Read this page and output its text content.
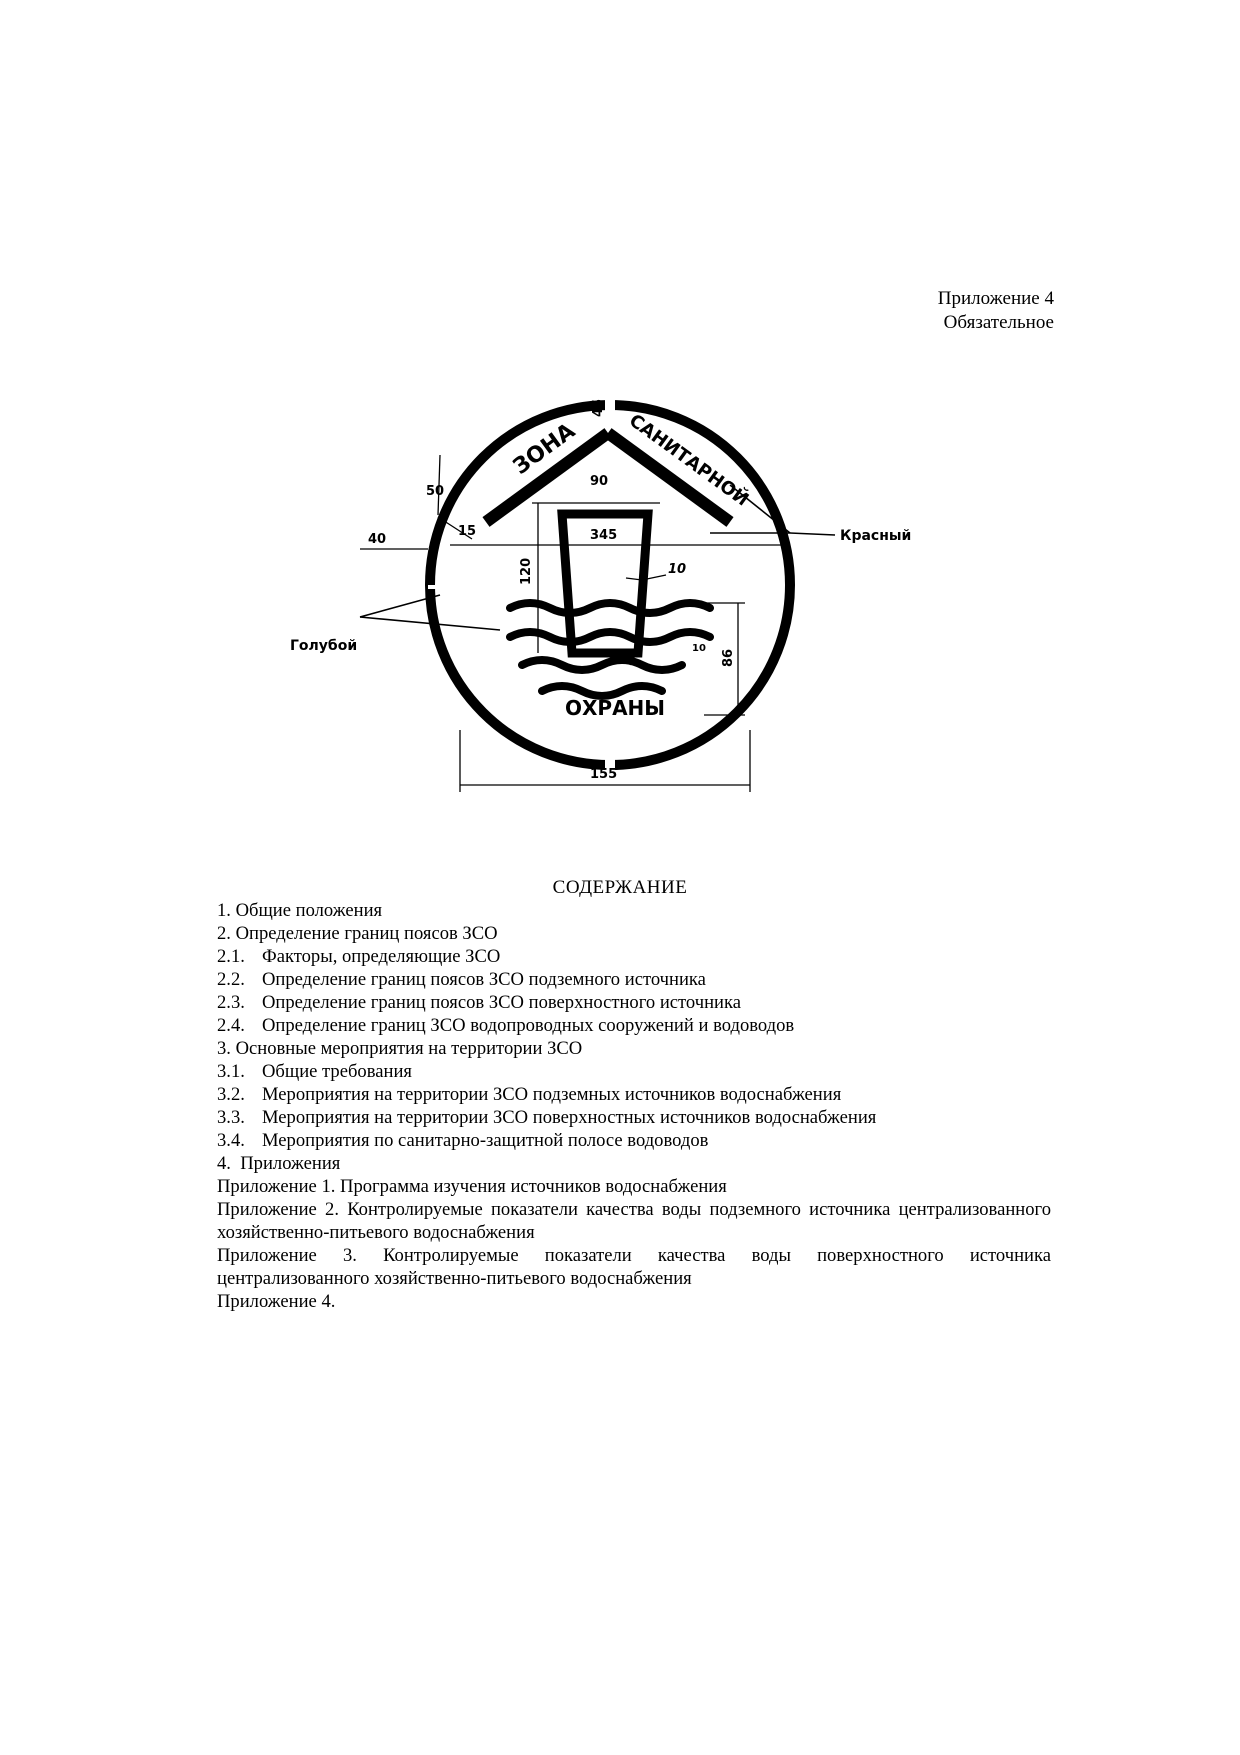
Приложение 4
Обязательное
ЗОНА	САНИТАРНОЙ
ОХРАНЫ
45
90
50
15
40	345
10
120
10
86
155
Красный
Голубой
СОДЕРЖАНИЕ
1. Общие положения
2. Определение границ поясов ЗСО
2.1. Факторы, определяющие ЗСО
2.2. Определение границ поясов ЗСО подземного источника
2.3. Определение границ поясов ЗСО поверхностного источника
2.4. Определение границ ЗСО водопроводных сооружений и водоводов
3. Основные мероприятия на территории ЗСО
3.1. Общие требования
3.2. Мероприятия на территории ЗСО подземных источников водоснабжения
3.3. Мероприятия на территории ЗСО поверхностных источников водоснабжения
3.4. Мероприятия по санитарно-защитной полосе водоводов
4.  Приложения
Приложение 1. Программа изучения источников водоснабжения
Приложение 2. Контролируемые показатели качества воды подземного источника централизованного хозяйственно-питьевого водоснабжения
Приложение 3. Контролируемые показатели качества воды поверхностного источника централизованного хозяйственно-питьевого водоснабжения
Приложение 4.
